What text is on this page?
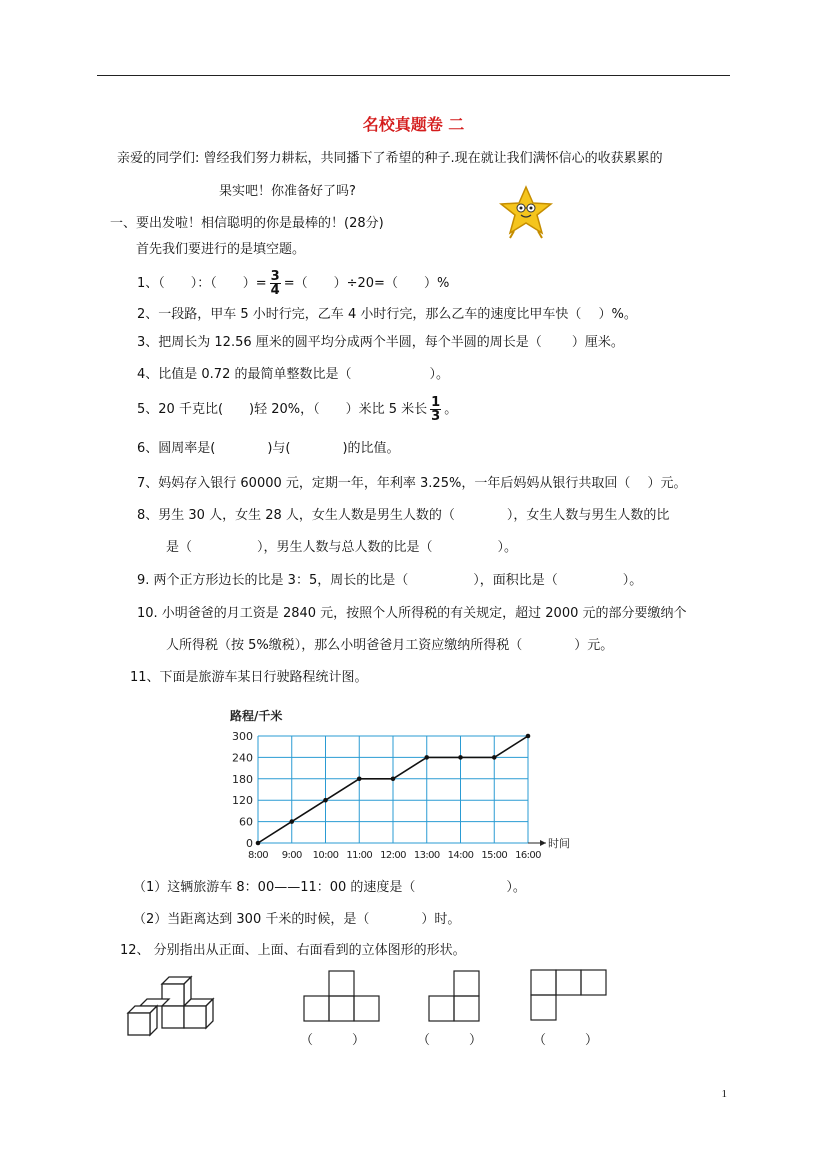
名校真题卷 二
亲爱的同学们: 曾经我们努力耕耘，共同播下了希望的种子.现在就让我们满怀信心的收获累累的
果实吧！你准备好了吗?
一、要出发啦！相信聪明的你是最棒的！(28分)
首先我们要进行的是填空题。
1、（　　）：（　　）= $\frac{3}{4}$ =（　　）÷20=（　　）%
2、一段路，甲车 5 小时行完，乙车 4 小时行完，那么乙车的速度比甲车快（　 ）%。
3、把周长为 12.56 厘米的圆平均分成两个半圆，每个半圆的周长是（　　 ）厘米。
4、比值是 0.72 的最简单整数比是（　　　　　　）。
5、20 千克比(　　)轻 20%，（　　）米比 5 米长 $\frac{1}{3}$ 。
6、圆周率是(　　　　)与(　　　　)的比值。
7、妈妈存入银行 60000 元，定期一年，年利率 3.25%，一年后妈妈从银行共取回（　 ）元。
8、男生 30 人，女生 28 人，女生人数是男生人数的（　　　　），女生人数与男生人数的比
是（　　　　　），男生人数与总人数的比是（　　　　　）。
9. 两个正方形边长的比是 3：5，周长的比是（　　　　　），面积比是（　　　　　）。
10. 小明爸爸的月工资是 2840 元，按照个人所得税的有关规定，超过 2000 元的部分要缴纳个
人所得税（按 5%缴税），那么小明爸爸月工资应缴纳所得税（　　　　）元。
11、下面是旅游车某日行驶路程统计图。
0
60
120
180
240
300
8:00 9:00 10:00 11:00 12:00 13:00 14:00 15:00 16:00
路程/千米
时间
（1）这辆旅游车 8：00——11：00 的速度是（　　　　　　　）。
（2）当距离达到 300 千米的时候，是（　　　　）时。
12、 分别指出从正面、上面、右面看到的立体图形的形状。
（　　　）	（　　　）	（　　　）
1
